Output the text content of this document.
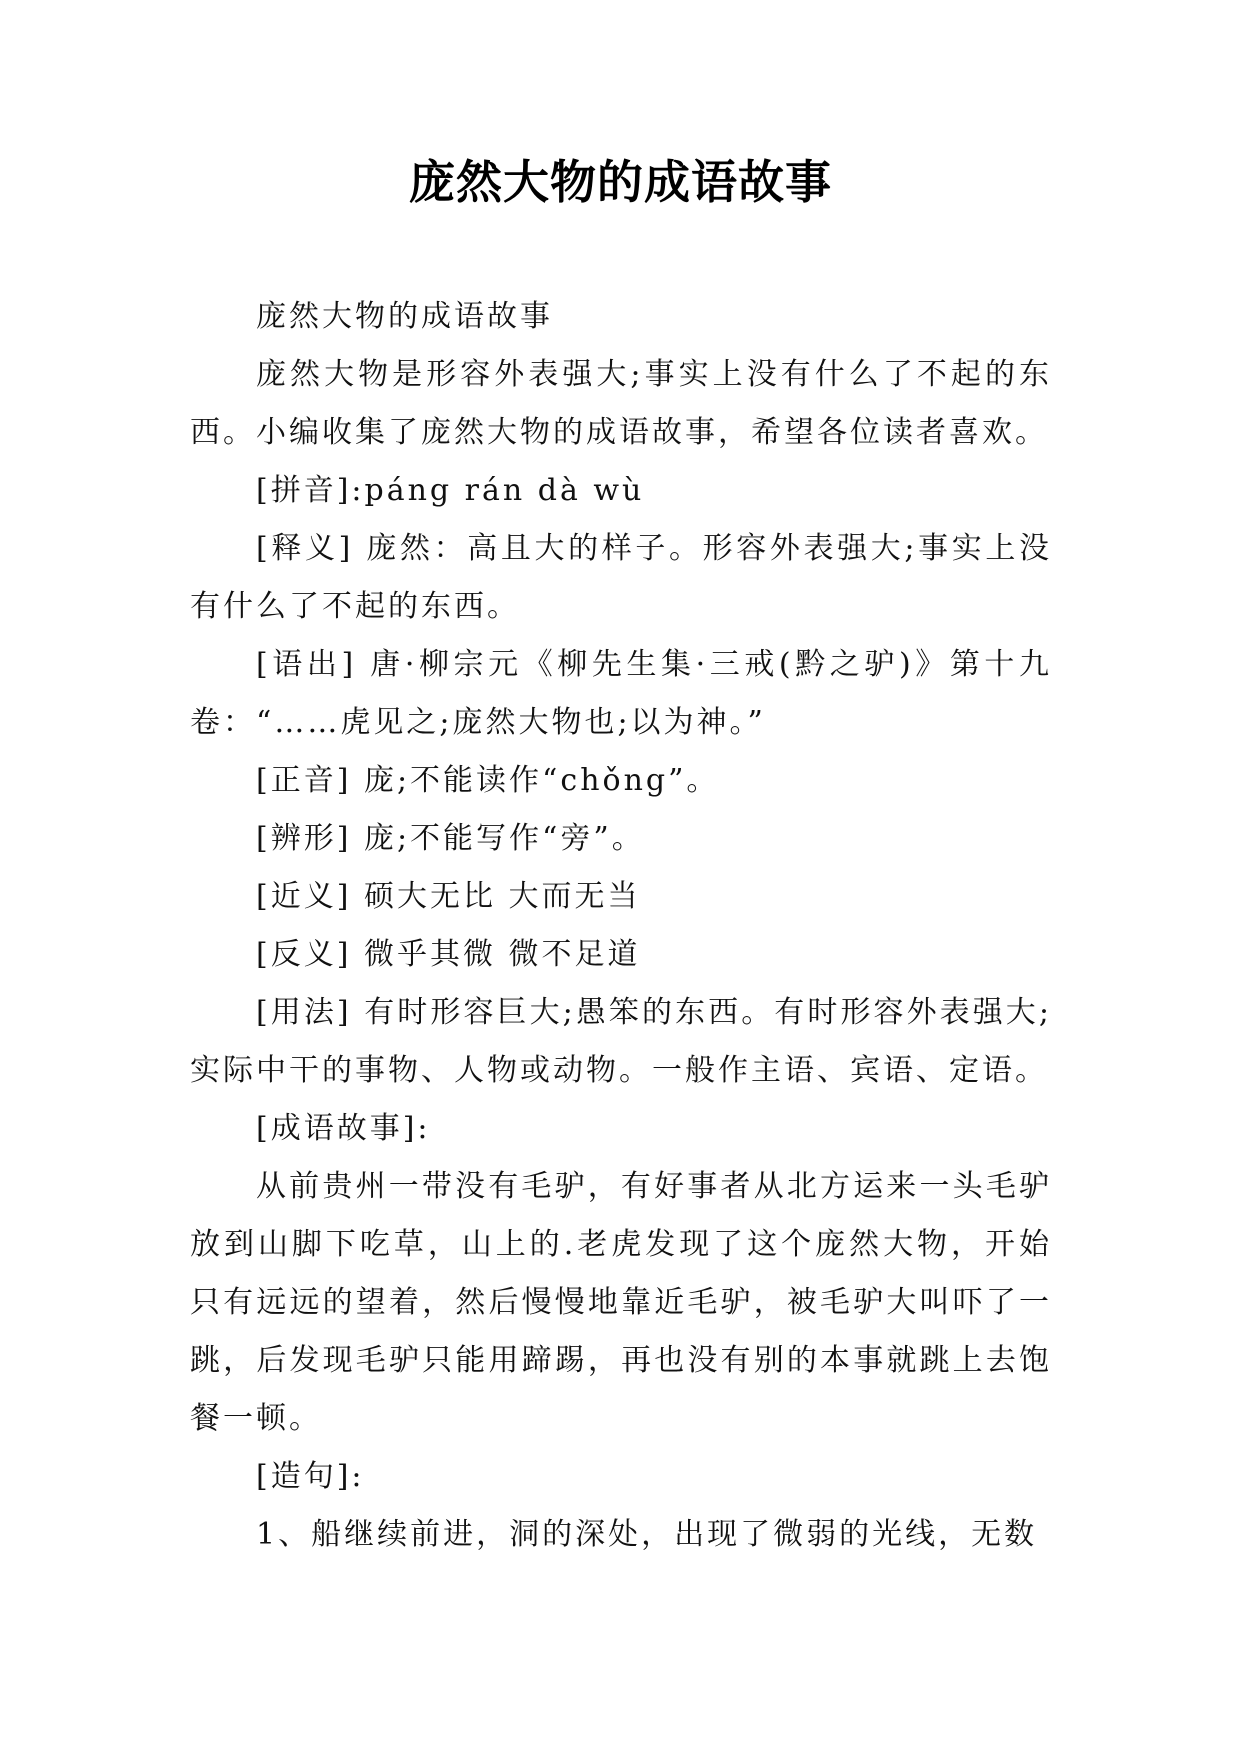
庞然大物的成语故事

庞然大物的成语故事

庞然大物是形容外表强大;事实上没有什么了不起的东西。小编收集了庞然大物的成语故事，希望各位读者喜欢。

[拼音]:páng rán dà wù

[释义] 庞然：高且大的样子。形容外表强大;事实上没有什么了不起的东西。

[语出] 唐·柳宗元《柳先生集·三戒(黔之驴)》第十九卷：“……虎见之;庞然大物也;以为神。”

[正音] 庞;不能读作“chǒng”。

[辨形] 庞;不能写作“旁”。

[近义] 硕大无比 大而无当

[反义] 微乎其微 微不足道

[用法] 有时形容巨大;愚笨的东西。有时形容外表强大;实际中干的事物、人物或动物。一般作主语、宾语、定语。

[成语故事]:

从前贵州一带没有毛驴，有好事者从北方运来一头毛驴放到山脚下吃草，山上的.老虎发现了这个庞然大物，开始只有远远的望着，然后慢慢地靠近毛驴，被毛驴大叫吓了一跳，后发现毛驴只能用蹄踢，再也没有别的本事就跳上去饱餐一顿。

[造句]:

1、船继续前进，洞的深处，出现了微弱的光线，无数
